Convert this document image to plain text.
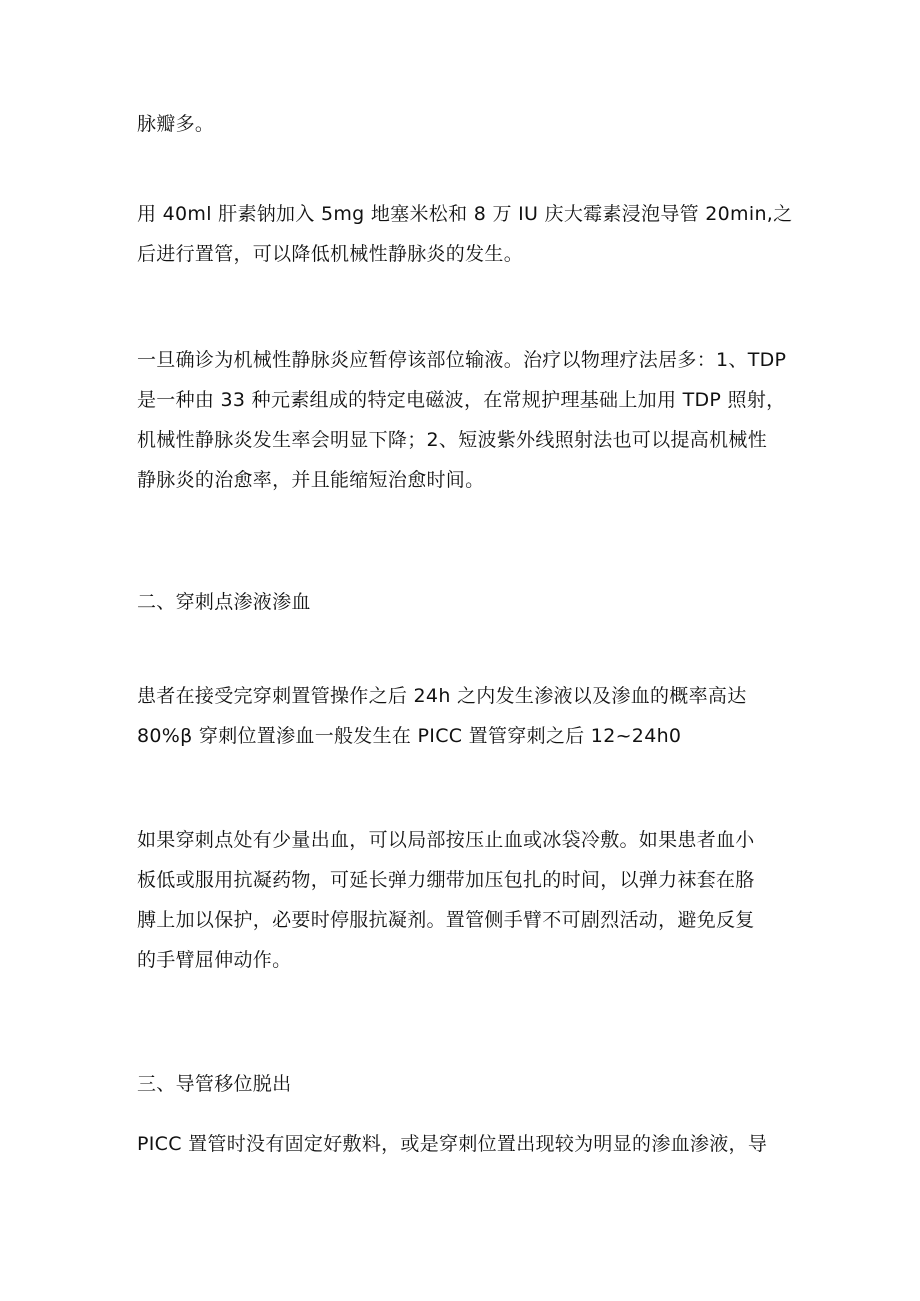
脉瓣多。

用 40ml 肝素钠加入 5mg 地塞米松和 8 万 IU 庆大霉素浸泡导管 20min,之
后进行置管，可以降低机械性静脉炎的发生。

一旦确诊为机械性静脉炎应暂停该部位输液。治疗以物理疗法居多：1、TDP
是一种由 33 种元素组成的特定电磁波，在常规护理基础上加用 TDP 照射，
机械性静脉炎发生率会明显下降；2、短波紫外线照射法也可以提高机械性
静脉炎的治愈率，并且能缩短治愈时间。

二、穿刺点渗液渗血

患者在接受完穿刺置管操作之后 24h 之内发生渗液以及渗血的概率高达
80%β 穿刺位置渗血一般发生在 PICC 置管穿刺之后 12~24h0

如果穿刺点处有少量出血，可以局部按压止血或冰袋冷敷。如果患者血小
板低或服用抗凝药物，可延长弹力绷带加压包扎的时间，以弹力袜套在胳
膊上加以保护，必要时停服抗凝剂。置管侧手臂不可剧烈活动，避免反复
的手臂屈伸动作。

三、导管移位脱出

PICC 置管时没有固定好敷料，或是穿刺位置出现较为明显的渗血渗液，导
